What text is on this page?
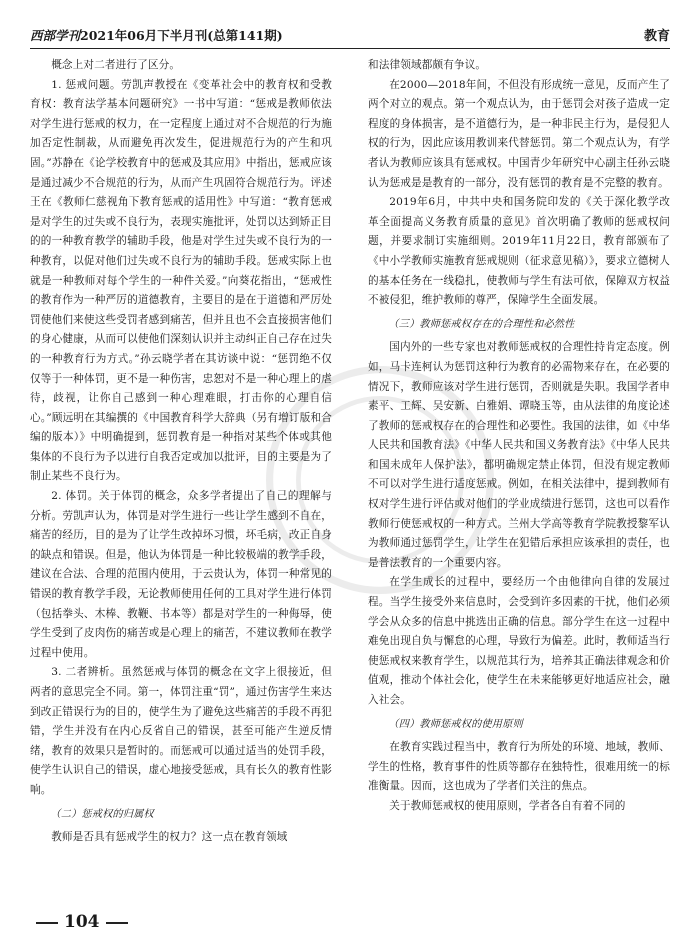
西部学刊2021年06月下半月刊(总第141期)	教育

概念上对二者进行了区分。

1. 惩戒问题。劳凯声教授在《变革社会中的教育权和受教育权：教育法学基本问题研究》一书中写道：“惩戒是教师依法对学生进行惩戒的权力，在一定程度上通过对不合规范的行为施加否定性制裁，从而避免再次发生，促进规范行为的产生和巩固。”苏静在《论学校教育中的惩戒及其应用》中指出，惩戒应该是通过减少不合规范的行为，从而产生巩固符合规范行为。评述王在《教师仁慈视角下教育惩戒的适用性》中写道：“教育惩戒是对学生的过失或不良行为，表现实施批评，处罚以达到矫正目的的一种教育教学的辅助手段，他是对学生过失或不良行为的一种教育，以促对他们过失或不良行为的辅助手段。惩戒实际上也就是一种教师对每个学生的一种件关爱。”向葵花指出，“惩戒性的教育作为一种严厉的道德教育，主要目的是在于道德和严厉处罚使他们来使这些受罚者感到痛苦，但并且也不会直接损害他们的身心健康，从而可以使他们深刻认识并主动纠正自己存在过失的一种教育行为方式。”孙云晓学者在其访谈中说：“惩罚绝不仅仅等于一种体罚，更不是一种伤害，忠恕对不是一种心理上的虐待，歧视，让你自己感到一种心理难眼，打击你的心理自信心。”顾远明在其编撰的《中国教育科学大辞典（另有增订版和合编的版本）》中明确提到，惩罚教育是一种指对某些个体或其他集体的不良行为予以进行自我否定或加以批评，目的主要是为了制止某些不良行为。

2. 体罚。关于体罚的概念，众多学者提出了自己的理解与分析。劳凯声认为，体罚是对学生进行一些让学生感到不自在，痛苦的经历，目的是为了让学生改掉坏习惯，坏毛病，改正自身的缺点和错误。但是，他认为体罚是一种比较极端的教学手段，建议在合法、合理的范围内使用，于云贵认为，体罚一种常见的错误的教育教学手段，无论教师使用任何的工具对学生进行体罚（包括拳头、木棒、教鞭、书本等）都是对学生的一种侮辱，使学生受到了皮肉伤的痛苦或是心理上的痛苦，不建议教师在教学过程中使用。

3. 二者辨析。虽然惩戒与体罚的概念在文字上很接近，但两者的意思完全不同。第一，体罚注重“罚”，通过伤害学生来达到改正错误行为的目的，使学生为了避免这些痛苦的手段不再犯错，学生并没有在内心反省自己的错误，甚至可能产生逆反情绪，教育的效果只是暂时的。而惩戒可以通过适当的处罚手段，使学生认识自己的错误，虚心地接受惩戒，具有长久的教育性影响。

（二）惩戒权的归属权

教师是否具有惩戒学生的权力？这一点在教育领域

和法律领域都颇有争议。

在2000—2018年间，不但没有形成统一意见，反而产生了两个对立的观点。第一个观点认为，由于惩罚会对孩子造成一定程度的身体损害，是不道德行为，是一种非民主行为，是侵犯人权的行为，因此应该用教训来代替惩罚。第二个观点认为，有学者认为教师应该具有惩戒权。中国青少年研究中心副主任孙云晓认为惩戒是是教育的一部分，没有惩罚的教育是不完整的教育。

2019年6月，中共中央和国务院印发的《关于深化教学改革全面提高义务教育质量的意见》首次明确了教师的惩戒权问题，并要求制订实施细则。2019年11月22日，教育部颁布了《中小学教师实施教育惩戒规则（征求意见稿）》，要求立德树人的基本任务在一线稳扎，使教师与学生有法可依，保障双方权益不被侵犯，维护教师的尊严，保障学生全面发展。

（三）教师惩戒权存在的合理性和必然性

国内外的一些专家也对教师惩戒权的合理性持肯定态度。例如，马卡连柯认为惩罚这种行为教育的必需物来存在，在必要的情况下，教师应该对学生进行惩罚，否则就是失职。我国学者申素平、工辉、吴安新、白雅娟、谭晓玉等，由从法律的角度论述了教师的惩戒权存在的合理性和必要性。我国的法律，如《中华人民共和国教育法》《中华人民共和国义务教育法》《中华人民共和国未成年人保护法》，都明确规定禁止体罚，但没有规定教师不可以对学生进行适度惩戒。例如，在相关法律中，提到教师有权对学生进行评估或对他们的学业成绩进行惩罚，这也可以看作教师行使惩戒权的一种方式。兰州大学高等教育学院教授黎军认为教师通过惩罚学生，让学生在犯错后承担应该承担的责任，也是普法教育的一个重要内容。

在学生成长的过程中，要经历一个由他律向自律的发展过程。当学生接受外来信息时，会受到许多因素的干扰，他们必须学会从众多的信息中挑选出正确的信息。部分学生在这一过程中难免出现自负与懈怠的心理，导致行为偏差。此时，教师适当行使惩戒权来教育学生，以规范其行为，培养其正确法律观念和价值观，推动个体社会化，使学生在未来能够更好地适应社会，融入社会。

（四）教师惩戒权的使用原则

在教育实践过程当中，教育行为所处的环境、地域，教师、学生的性格，教育事件的性质等都存在独特性，很难用统一的标准衡量。因而，这也成为了学者们关注的焦点。

关于教师惩戒权的使用原则，学者各自有着不同的

104
